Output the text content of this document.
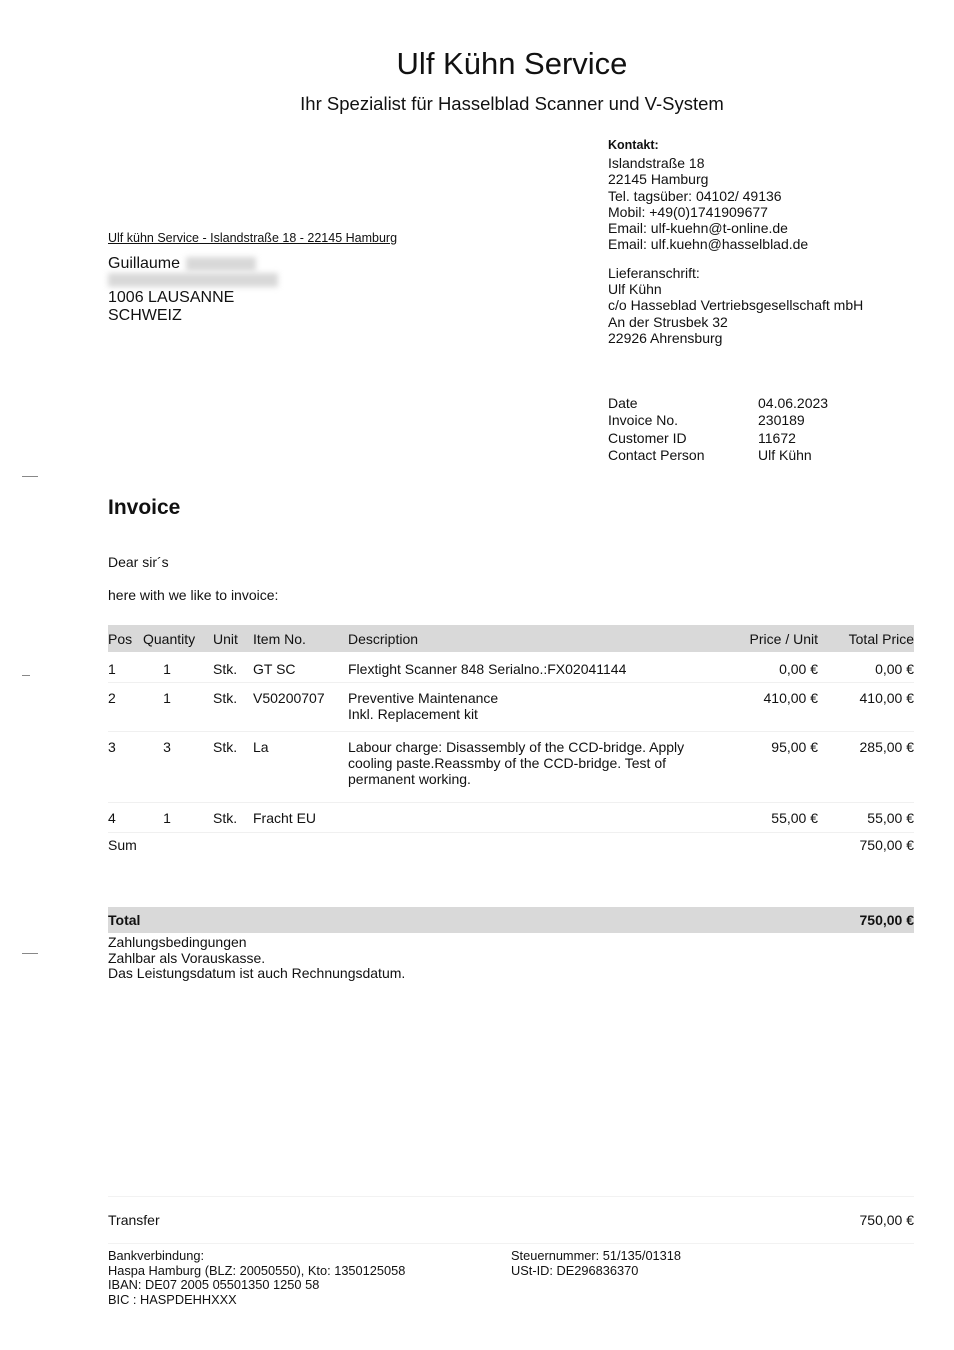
Ulf Kühn Service
Ihr Spezialist für Hasselblad Scanner und V-System
Kontakt:
Islandstraße 18
22145 Hamburg
Tel. tagsüber: 04102/ 49136
Mobil: +49(0)1741909677
Email: ulf-kuehn@t-online.de
Email: ulf.kuehn@hasselblad.de
Lieferanschrift:
Ulf Kühn
c/o Hasseblad Vertriebsgesellschaft mbH
An der Strusbek 32
22926 Ahrensburg
Ulf kühn Service - Islandstraße 18 - 22145 Hamburg
Guillaume
1006 LAUSANNE
SCHWEIZ
Date	04.06.2023
Invoice No.	230189
Customer ID	11672
Contact Person	Ulf Kühn
Invoice
Dear sir´s
here with we like to invoice:
Pos Quantity	Unit	Item No.	Description	Price / Unit	Total Price
1	1	Stk.	GT SC	Flextight Scanner 848 Serialno.:FX02041144	0,00 €	0,00 €
2	1	Stk.	V50200707	Preventive Maintenance
Inkl. Replacement kit
410,00 €	410,00 €
3	3	Stk.	La	Labour charge: Disassembly of the CCD-bridge. Apply
cooling paste.Reassmby of the CCD-bridge. Test of
permanent working.
95,00 €	285,00 €
4	1	Stk.	Fracht EU	55,00 €	55,00 €
Sum	750,00 €
Total	750,00 €
Zahlungsbedingungen
Zahlbar als Vorauskasse.
Das Leistungsdatum ist auch Rechnungsdatum.
Transfer	750,00 €
Bankverbindung:
Haspa Hamburg (BLZ: 20050550), Kto: 1350125058
IBAN: DE07 2005 05501350 1250 58
BIC : HASPDEHHXXX
Steuernummer: 51/135/01318
USt-ID: DE296836370
